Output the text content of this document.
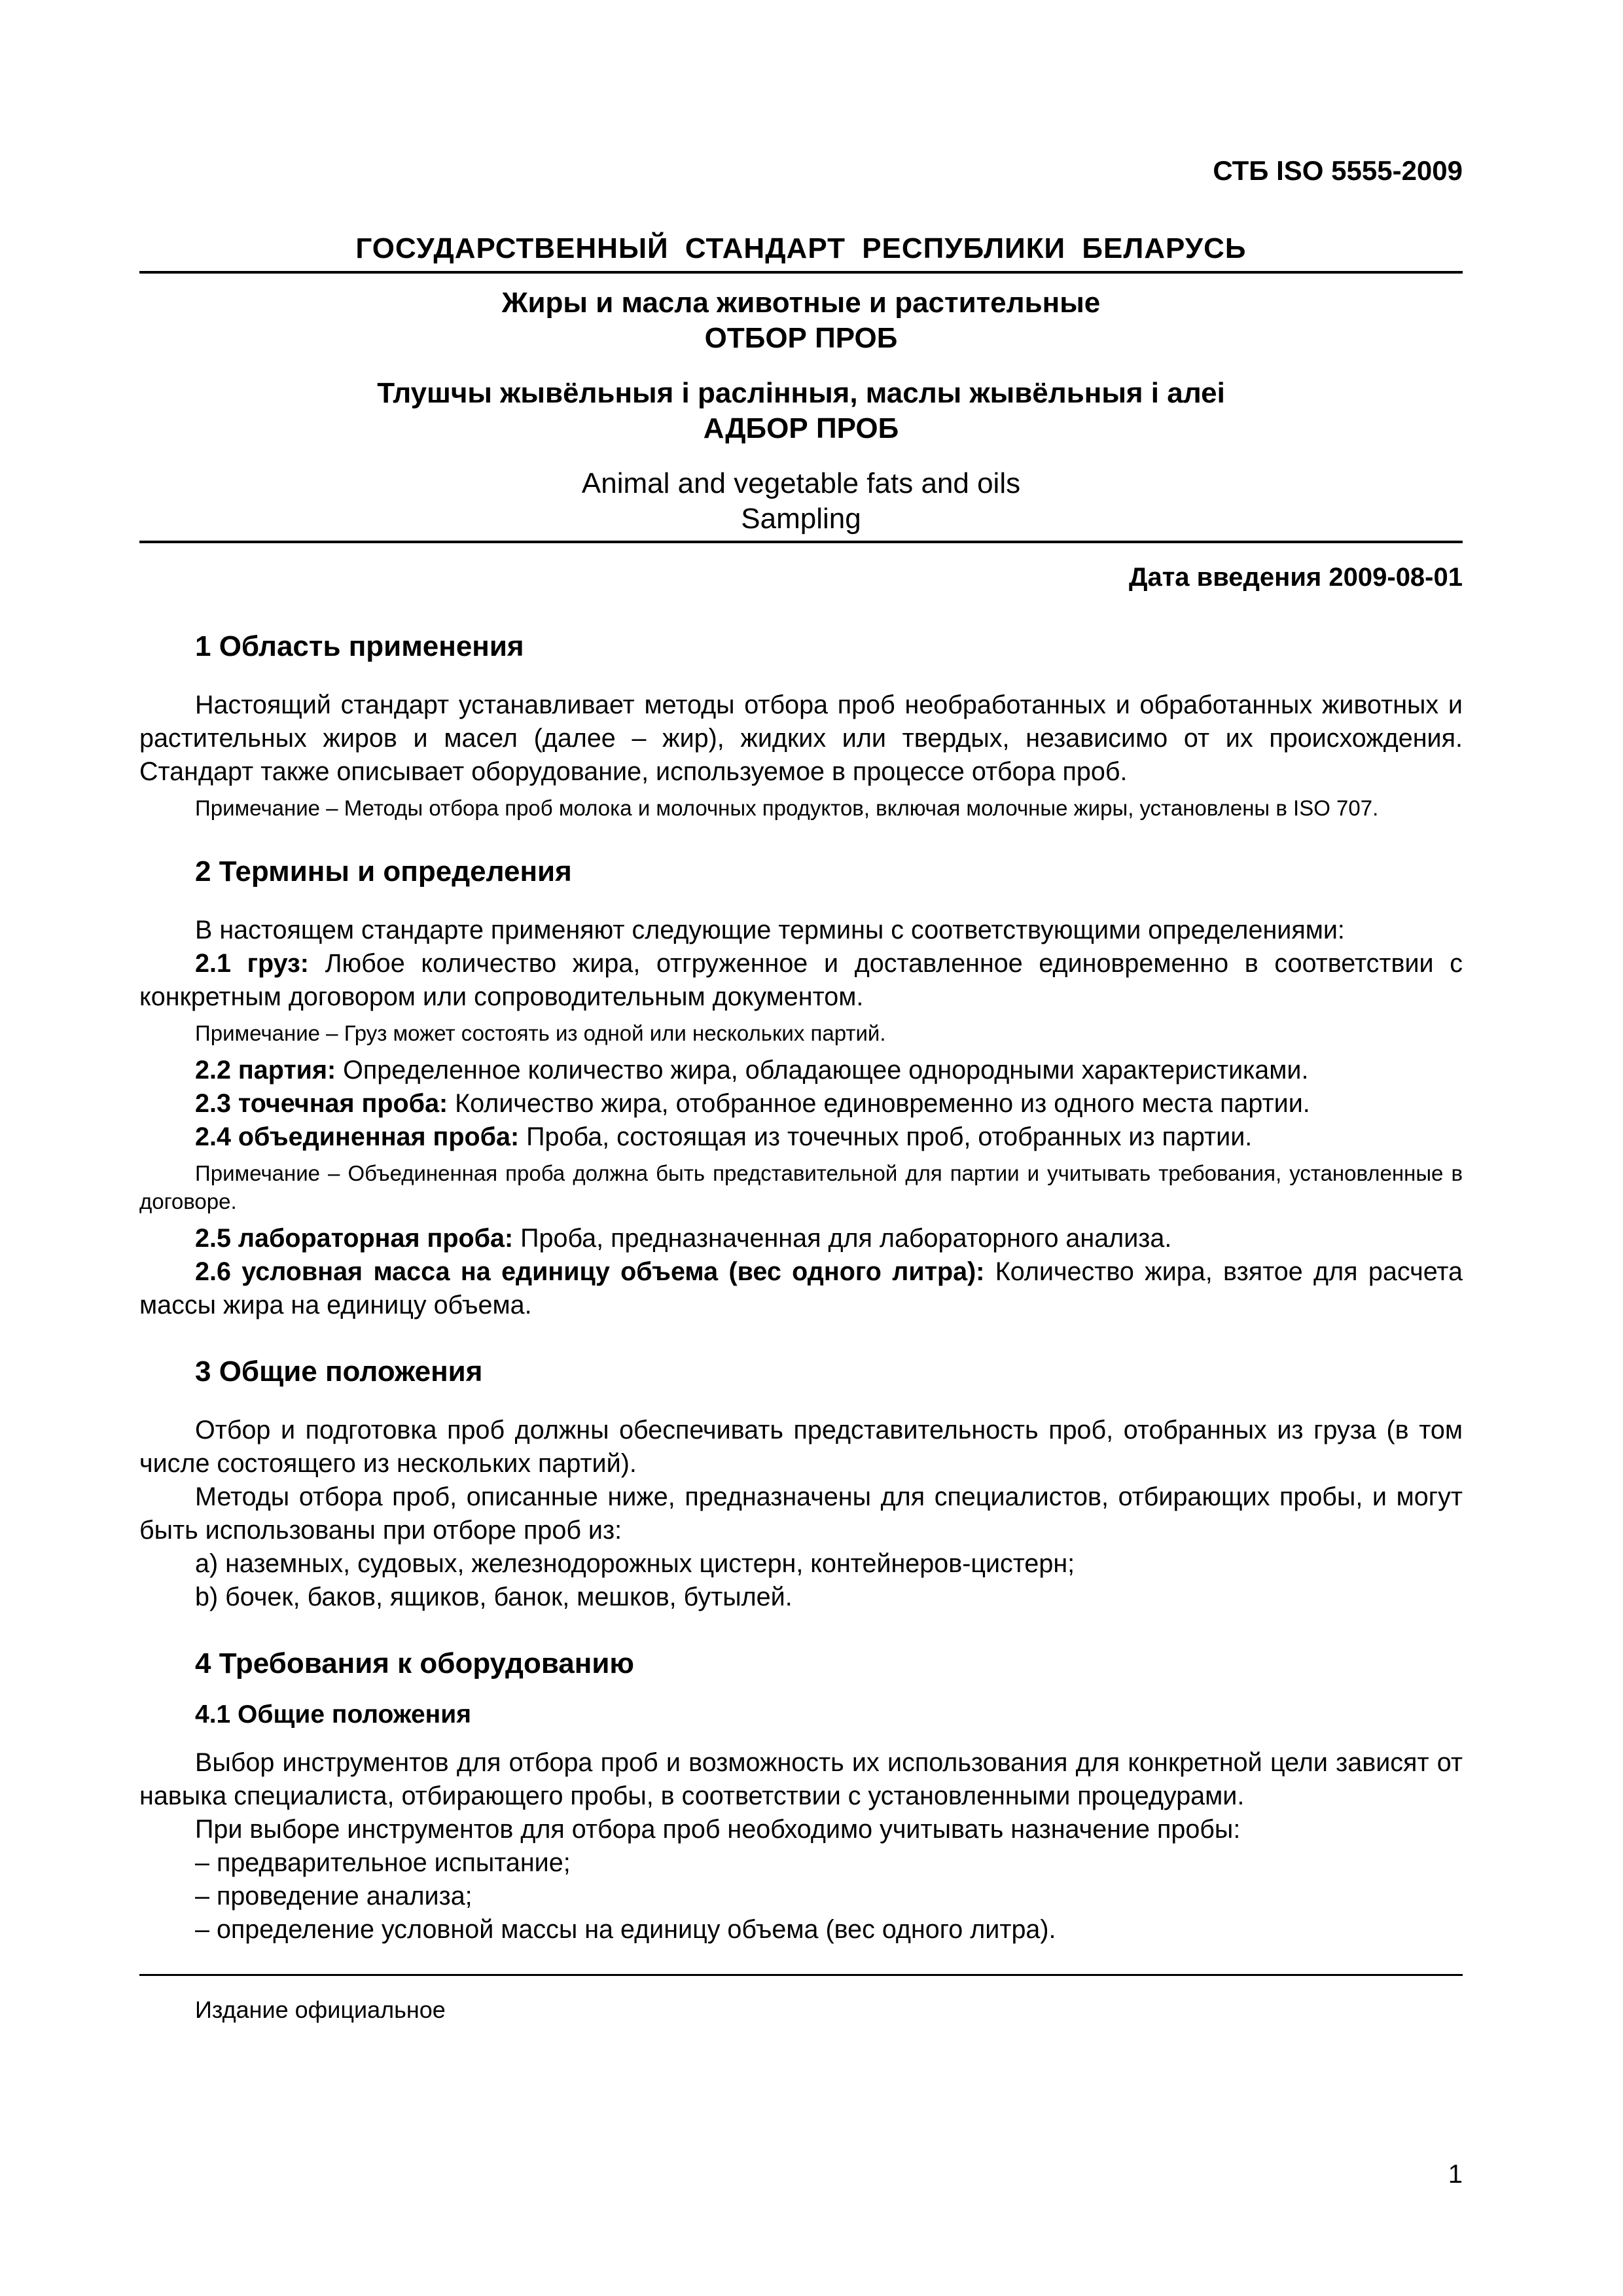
СТБ ISO 5555-2009
ГОСУДАРСТВЕННЫЙ СТАНДАРТ РЕСПУБЛИКИ БЕЛАРУСЬ
Жиры и масла животные и растительные
ОТБОР ПРОБ
Тлушчы жывёльныя і раслінныя, маслы жывёльныя і алеі
АДБОР ПРОБ
Animal and vegetable fats and oils
Sampling
Дата введения 2009-08-01

1 Область применения

Настоящий стандарт устанавливает методы отбора проб необработанных и обработанных животных и растительных жиров и масел (далее – жир), жидких или твердых, независимо от их происхождения. Стандарт также описывает оборудование, используемое в процессе отбора проб.

Примечание – Методы отбора проб молока и молочных продуктов, включая молочные жиры, установлены в ISO 707.

2 Термины и определения

В настоящем стандарте применяют следующие термины с соответствующими определениями:

2.1 груз: Любое количество жира, отгруженное и доставленное единовременно в соответствии с конкретным договором или сопроводительным документом.

Примечание – Груз может состоять из одной или нескольких партий.

2.2 партия: Определенное количество жира, обладающее однородными характеристиками.

2.3 точечная проба: Количество жира, отобранное единовременно из одного места партии.

2.4 объединенная проба: Проба, состоящая из точечных проб, отобранных из партии.

Примечание – Объединенная проба должна быть представительной для партии и учитывать требования, установленные в договоре.

2.5 лабораторная проба: Проба, предназначенная для лабораторного анализа.

2.6 условная масса на единицу объема (вес одного литра): Количество жира, взятое для расчета массы жира на единицу объема.

3 Общие положения

Отбор и подготовка проб должны обеспечивать представительность проб, отобранных из груза (в том числе состоящего из нескольких партий).

Методы отбора проб, описанные ниже, предназначены для специалистов, отбирающих пробы, и могут быть использованы при отборе проб из:

а) наземных, судовых, железнодорожных цистерн, контейнеров-цистерн;

b) бочек, баков, ящиков, банок, мешков, бутылей.

4 Требования к оборудованию

4.1 Общие положения

Выбор инструментов для отбора проб и возможность их использования для конкретной цели зависят от навыка специалиста, отбирающего пробы, в соответствии с установленными процедурами.

При выборе инструментов для отбора проб необходимо учитывать назначение пробы:

– предварительное испытание;

– проведение анализа;

– определение условной массы на единицу объема (вес одного литра).

Издание официальное
1
